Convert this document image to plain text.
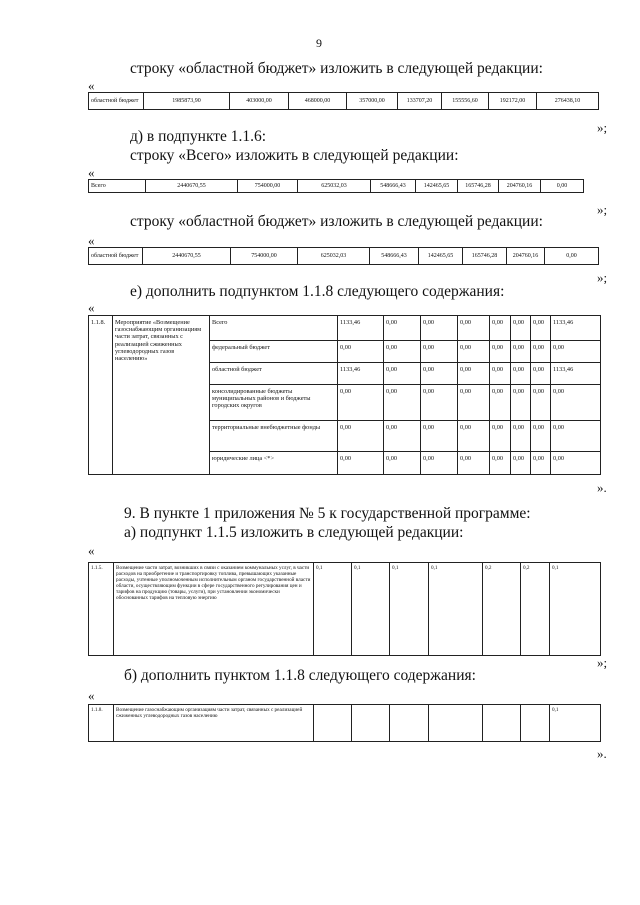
9
строку «областной бюджет» изложить в следующей редакции:
«
областной бюджет	1985873,90	403000,00	468000,00	357000,00	133707,20	155556,60	192172,00	276438,10
»;
д) в подпункте 1.1.6:
строку «Всего» изложить в следующей редакции:
«
Всего	2440670,55	754000,00	625032,03	548666,43	142465,65	165746,28	204760,16	0,00
»;
строку «областной бюджет» изложить в следующей редакции:
«
областной бюджет	2440670,55	754000,00	625032,03	548666,43	142465,65	165746,28	204760,16	0,00
»;
е) дополнить подпунктом 1.1.8 следующего содержания:
«
1.1.8.	Мероприятие «Возмещение газоснабжающим организациям части затрат, связанных с реализацией сжиженных углеводородных газов населению»	Всего	1133,46	0,00	0,00	0,00	0,00	0,00	0,00	1133,46
		федеральный бюджет	0,00	0,00	0,00	0,00	0,00	0,00	0,00	0,00
		областной бюджет	1133,46	0,00	0,00	0,00	0,00	0,00	0,00	1133,46
		консолидированные бюджеты муниципальных районов и бюджеты городских округов	0,00	0,00	0,00	0,00	0,00	0,00	0,00	0,00
		территориальные внебюджетные фонды	0,00	0,00	0,00	0,00	0,00	0,00	0,00	0,00
		юридические лица <*>	0,00	0,00	0,00	0,00	0,00	0,00	0,00	0,00
».
9. В пункте 1 приложения № 5 к государственной программе:
а) подпункт 1.1.5 изложить в следующей редакции:
«
1.1.5.	Возмещение части затрат, возникших в связи с оказанием коммунальных услуг, в части расходов на приобретение и транспортировку топлива, превышающих указанные расходы, учтенные уполномоченным исполнительным органом государственной власти области, осуществляющим функции в сфере государственного регулирования цен и тарифов на продукцию (товары, услуги), при установлении экономически обоснованных тарифов на тепловую энергию	0,1	0,1	0,1	0,1	0,2	0,2	0,1
»;
б) дополнить пунктом 1.1.8 следующего содержания:
«
1.1.8.	Возмещение газоснабжающим организациям части затрат, связанных с реализацией сжиженных углеводородных газов населению							0,1
».
